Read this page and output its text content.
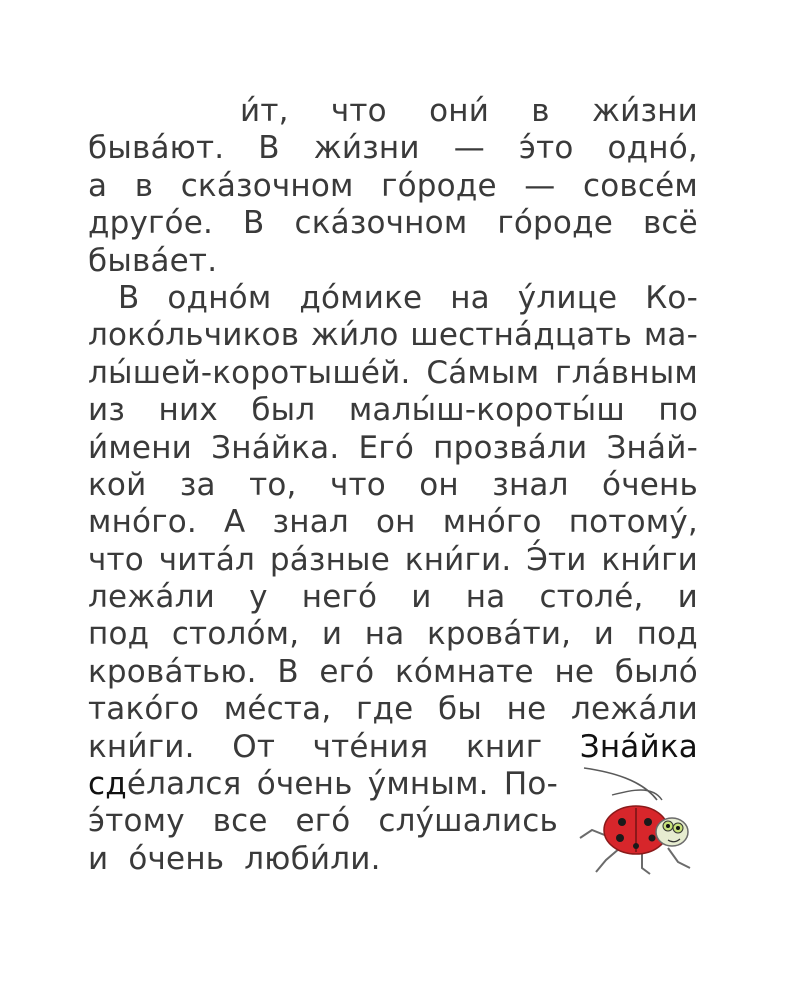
и́т, что они́ в жи́зни
быва́ют. В жи́зни — э́то одно́,
а в ска́зочном го́роде — совсе́м
друго́е. В ска́зочном го́роде всё
быва́ет.
В одно́м до́мике на у́лице Ко-
локо́льчиков жи́ло шестна́дцать ма-
лы́шей-коротыше́й. Са́мым гла́вным
из них был малы́ш-короты́ш по
и́мени Зна́йка. Его́ прозва́ли Зна́й-
кой за то, что он знал о́чень
мно́го. А знал он мно́го потому́,
что чита́л ра́зные кни́ги. Э́ти кни́ги
лежа́ли у него́ и на столе́, и
под столо́м, и на крова́ти, и под
крова́тью. В его́ ко́мнате не было́
тако́го ме́ста, где бы не лежа́ли
кни́ги. От чте́ния книг Зна́йка
сде́лался о́чень у́мным. По-
э́тому все его́ слу́шались
и о́чень люби́ли.
